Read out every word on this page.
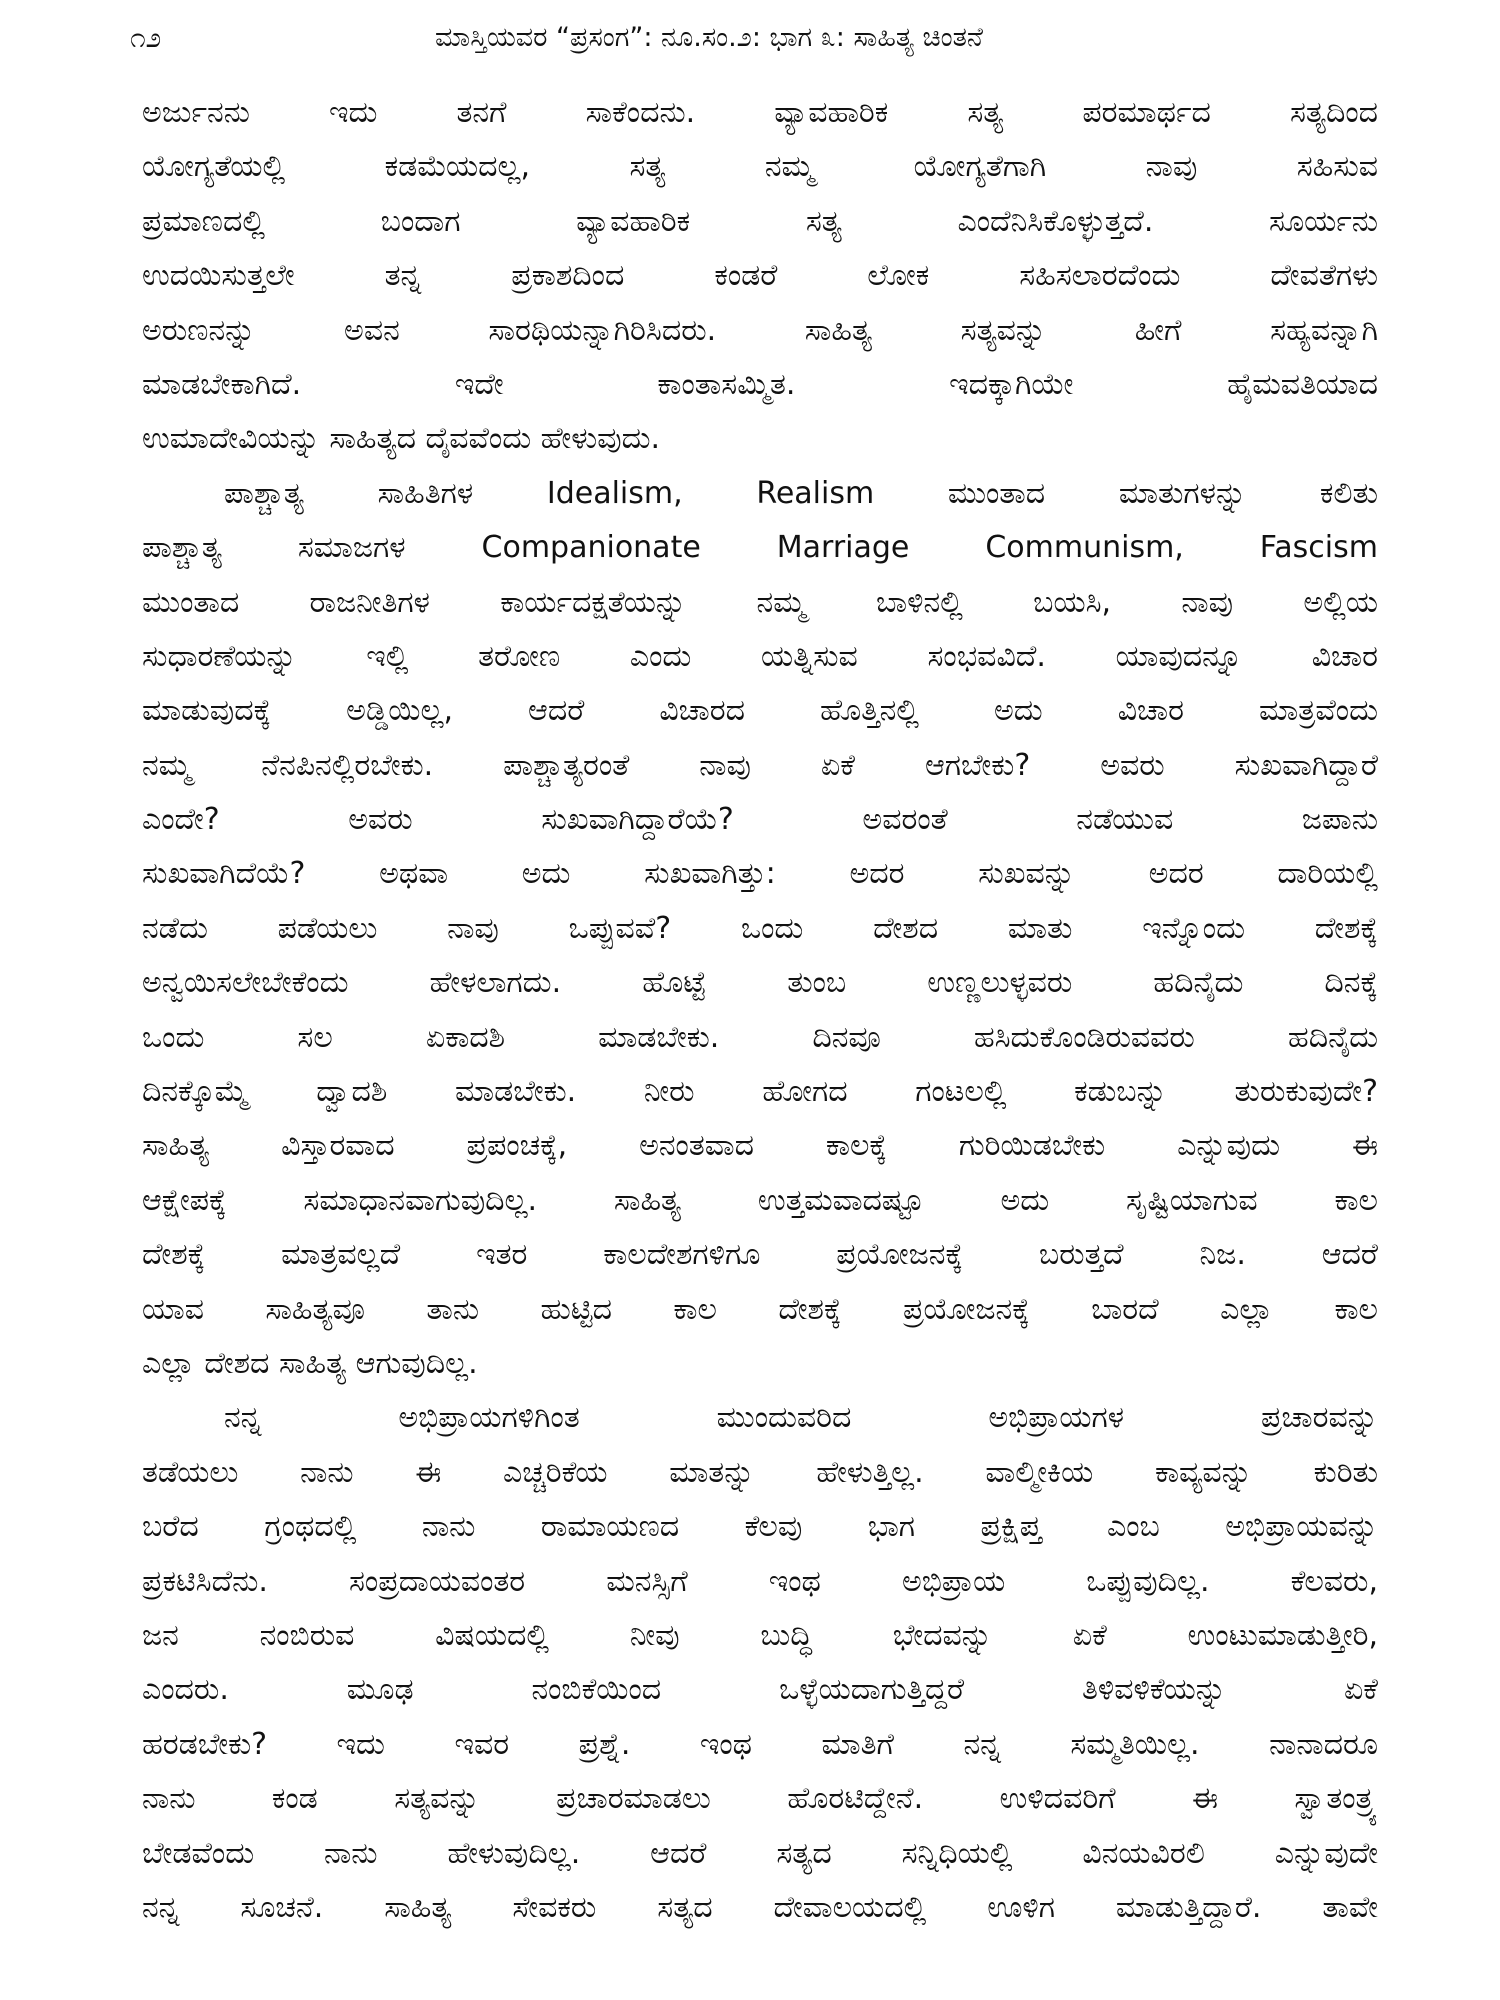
೧೨	ಮಾಸ್ತಿಯವರ “ಪ್ರಸಂಗ”: ನೂ.ಸಂ.೨: ಭಾಗ ೩: ಸಾಹಿತ್ಯ ಚಿಂತನೆ
ಅರ್ಜುನನು ಇದು ತನಗೆ ಸಾಕೆಂದನು. ವ್ಯಾವಹಾರಿಕ ಸತ್ಯ ಪರಮಾರ್ಥದ ಸತ್ಯದಿಂದ
ಯೋಗ್ಯತೆಯಲ್ಲಿ ಕಡಮೆಯದಲ್ಲ, ಸತ್ಯ ನಮ್ಮ ಯೋಗ್ಯತೆಗಾಗಿ ನಾವು ಸಹಿಸುವ
ಪ್ರಮಾಣದಲ್ಲಿ ಬಂದಾಗ ವ್ಯಾವಹಾರಿಕ ಸತ್ಯ ಎಂದೆನಿಸಿಕೊಳ್ಳುತ್ತದೆ. ಸೂರ್ಯನು
ಉದಯಿಸುತ್ತಲೇ ತನ್ನ ಪ್ರಕಾಶದಿಂದ ಕಂಡರೆ ಲೋಕ ಸಹಿಸಲಾರದೆಂದು ದೇವತೆಗಳು
ಅರುಣನನ್ನು ಅವನ ಸಾರಥಿಯನ್ನಾಗಿರಿಸಿದರು. ಸಾಹಿತ್ಯ ಸತ್ಯವನ್ನು ಹೀಗೆ ಸಹ್ಯವನ್ನಾಗಿ
ಮಾಡಬೇಕಾಗಿದೆ. ಇದೇ ಕಾಂತಾಸಮ್ಮಿತ. ಇದಕ್ಕಾಗಿಯೇ ಹೈಮವತಿಯಾದ
ಉಮಾದೇವಿಯನ್ನು ಸಾಹಿತ್ಯದ ದೈವವೆಂದು ಹೇಳುವುದು.
ಪಾಶ್ಚಾತ್ಯ ಸಾಹಿತಿಗಳ Idealism, Realism ಮುಂತಾದ ಮಾತುಗಳನ್ನು ಕಲಿತು
ಪಾಶ್ಚಾತ್ಯ ಸಮಾಜಗಳ Companionate Marriage Communism, Fascism
ಮುಂತಾದ ರಾಜನೀತಿಗಳ ಕಾರ್ಯದಕ್ಷತೆಯನ್ನು ನಮ್ಮ ಬಾಳಿನಲ್ಲಿ ಬಯಸಿ, ನಾವು ಅಲ್ಲಿಯ
ಸುಧಾರಣೆಯನ್ನು ಇಲ್ಲಿ ತರೋಣ ಎಂದು ಯತ್ನಿಸುವ ಸಂಭವವಿದೆ. ಯಾವುದನ್ನೂ ವಿಚಾರ
ಮಾಡುವುದಕ್ಕೆ ಅಡ್ಡಿಯಿಲ್ಲ, ಆದರೆ ವಿಚಾರದ ಹೊತ್ತಿನಲ್ಲಿ ಅದು ವಿಚಾರ ಮಾತ್ರವೆಂದು
ನಮ್ಮ ನೆನಪಿನಲ್ಲಿರಬೇಕು. ಪಾಶ್ಚಾತ್ಯರಂತೆ ನಾವು ಏಕೆ ಆಗಬೇಕು? ಅವರು ಸುಖವಾಗಿದ್ದಾರೆ
ಎಂದೇ? ಅವರು ಸುಖವಾಗಿದ್ದಾರೆಯೆ? ಅವರಂತೆ ನಡೆಯುವ ಜಪಾನು
ಸುಖವಾಗಿದೆಯೆ? ಅಥವಾ ಅದು ಸುಖವಾಗಿತ್ತು: ಅದರ ಸುಖವನ್ನು ಅದರ ದಾರಿಯಲ್ಲಿ
ನಡೆದು ಪಡೆಯಲು ನಾವು ಒಪ್ಪುವವೆ? ಒಂದು ದೇಶದ ಮಾತು ಇನ್ನೊಂದು ದೇಶಕ್ಕೆ
ಅನ್ವಯಿಸಲೇಬೇಕೆಂದು ಹೇಳಲಾಗದು. ಹೊಟ್ಟೆ ತುಂಬ ಉಣ್ಣಲುಳ್ಳವರು ಹದಿನೈದು ದಿನಕ್ಕೆ
ಒಂದು ಸಲ ಏಕಾದಶಿ ಮಾಡಬೇಕು. ದಿನವೂ ಹಸಿದುಕೊಂಡಿರುವವರು ಹದಿನೈದು
ದಿನಕ್ಕೊಮ್ಮೆ ದ್ವಾದಶಿ ಮಾಡಬೇಕು. ನೀರು ಹೋಗದ ಗಂಟಲಲ್ಲಿ ಕಡುಬನ್ನು ತುರುಕುವುದೇ?
ಸಾಹಿತ್ಯ ವಿಸ್ತಾರವಾದ ಪ್ರಪಂಚಕ್ಕೆ, ಅನಂತವಾದ ಕಾಲಕ್ಕೆ ಗುರಿಯಿಡಬೇಕು ಎನ್ನುವುದು ಈ
ಆಕ್ಷೇಪಕ್ಕೆ ಸಮಾಧಾನವಾಗುವುದಿಲ್ಲ. ಸಾಹಿತ್ಯ ಉತ್ತಮವಾದಷ್ಟೂ ಅದು ಸೃಷ್ಟಿಯಾಗುವ ಕಾಲ
ದೇಶಕ್ಕೆ ಮಾತ್ರವಲ್ಲದೆ ಇತರ ಕಾಲದೇಶಗಳಿಗೂ ಪ್ರಯೋಜನಕ್ಕೆ ಬರುತ್ತದೆ ನಿಜ. ಆದರೆ
ಯಾವ ಸಾಹಿತ್ಯವೂ ತಾನು ಹುಟ್ಟಿದ ಕಾಲ ದೇಶಕ್ಕೆ ಪ್ರಯೋಜನಕ್ಕೆ ಬಾರದೆ ಎಲ್ಲಾ ಕಾಲ
ಎಲ್ಲಾ ದೇಶದ ಸಾಹಿತ್ಯ ಆಗುವುದಿಲ್ಲ.
ನನ್ನ ಅಭಿಪ್ರಾಯಗಳಿಗಿಂತ ಮುಂದುವರಿದ ಅಭಿಪ್ರಾಯಗಳ ಪ್ರಚಾರವನ್ನು
ತಡೆಯಲು ನಾನು ಈ ಎಚ್ಚರಿಕೆಯ ಮಾತನ್ನು ಹೇಳುತ್ತಿಲ್ಲ. ವಾಲ್ಮೀಕಿಯ ಕಾವ್ಯವನ್ನು ಕುರಿತು
ಬರೆದ ಗ್ರಂಥದಲ್ಲಿ ನಾನು ರಾಮಾಯಣದ ಕೆಲವು ಭಾಗ ಪ್ರಕ್ಷಿಪ್ತ ಎಂಬ ಅಭಿಪ್ರಾಯವನ್ನು
ಪ್ರಕಟಿಸಿದೆನು. ಸಂಪ್ರದಾಯವಂತರ ಮನಸ್ಸಿಗೆ ಇಂಥ ಅಭಿಪ್ರಾಯ ಒಪ್ಪುವುದಿಲ್ಲ. ಕೆಲವರು,
ಜನ ನಂಬಿರುವ ವಿಷಯದಲ್ಲಿ ನೀವು ಬುದ್ಧಿ ಭೇದವನ್ನು ಏಕೆ ಉಂಟುಮಾಡುತ್ತೀರಿ,
ಎಂದರು. ಮೂಢ ನಂಬಿಕೆಯಿಂದ ಒಳ್ಳೆಯದಾಗುತ್ತಿದ್ದರೆ ತಿಳಿವಳಿಕೆಯನ್ನು ಏಕೆ
ಹರಡಬೇಕು? ಇದು ಇವರ ಪ್ರಶ್ನೆ. ಇಂಥ ಮಾತಿಗೆ ನನ್ನ ಸಮ್ಮತಿಯಿಲ್ಲ. ನಾನಾದರೂ
ನಾನು ಕಂಡ ಸತ್ಯವನ್ನು ಪ್ರಚಾರಮಾಡಲು ಹೊರಟಿದ್ದೇನೆ. ಉಳಿದವರಿಗೆ ಈ ಸ್ವಾತಂತ್ರ್ಯ
ಬೇಡವೆಂದು ನಾನು ಹೇಳುವುದಿಲ್ಲ. ಆದರೆ ಸತ್ಯದ ಸನ್ನಿಧಿಯಲ್ಲಿ ವಿನಯವಿರಲಿ ಎನ್ನುವುದೇ
ನನ್ನ ಸೂಚನೆ. ಸಾಹಿತ್ಯ ಸೇವಕರು ಸತ್ಯದ ದೇವಾಲಯದಲ್ಲಿ ಊಳಿಗ ಮಾಡುತ್ತಿದ್ದಾರೆ. ತಾವೇ
